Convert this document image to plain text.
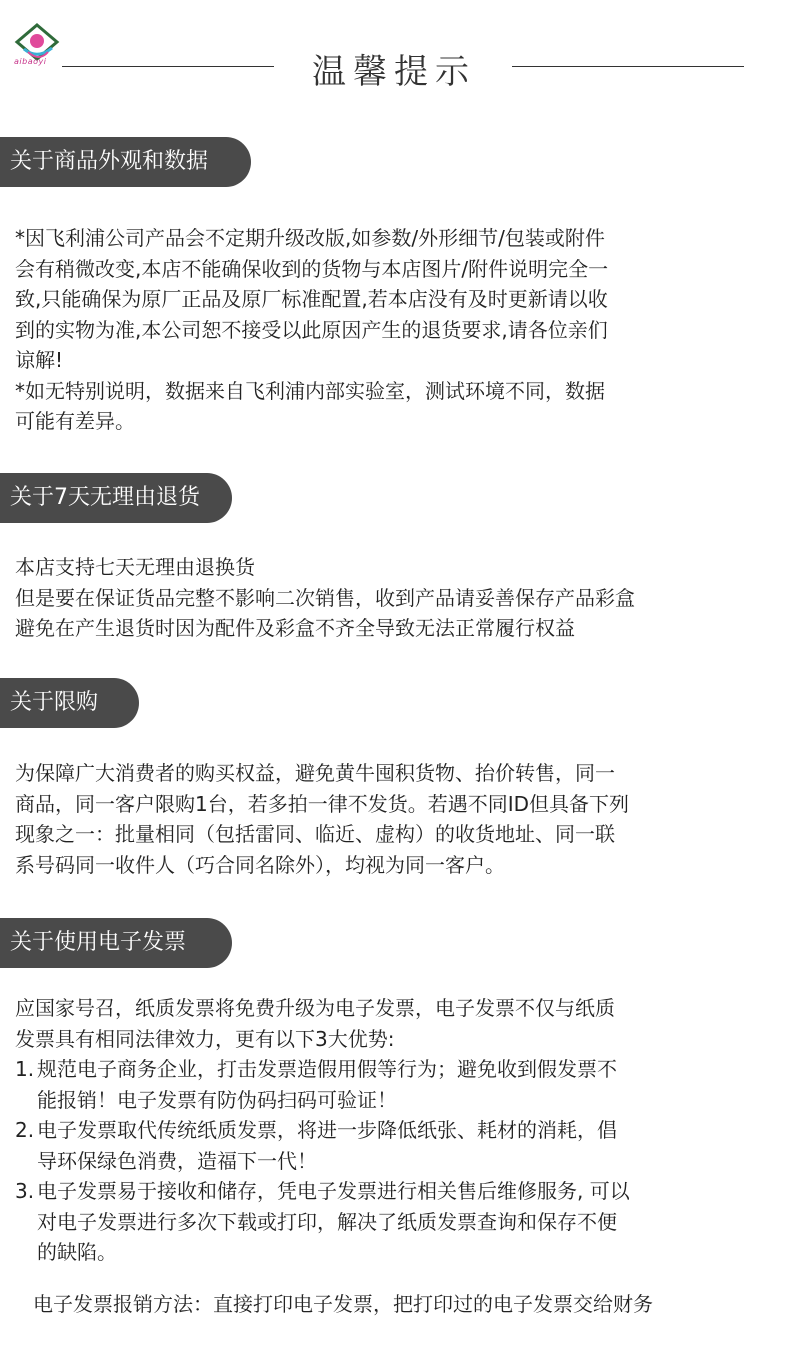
aibaoyi	温馨提示
关于商品外观和数据
*因飞利浦公司产品会不定期升级改版,如参数/外形细节/包装或附件
会有稍微改变,本店不能确保收到的货物与本店图片/附件说明完全一
致,只能确保为原厂正品及原厂标准配置,若本店没有及时更新请以收
到的实物为准,本公司恕不接受以此原因产生的退货要求,请各位亲们
谅解!
*如无特别说明，数据来自飞利浦内部实验室，测试环境不同，数据
可能有差异。
关于7天无理由退货
本店支持七天无理由退换货
但是要在保证货品完整不影响二次销售，收到产品请妥善保存产品彩盒
避免在产生退货时因为配件及彩盒不齐全导致无法正常履行权益
关于限购
为保障广大消费者的购买权益，避免黄牛囤积货物、抬价转售，同一
商品，同一客户限购1台，若多拍一律不发货。若遇不同ID但具备下列
现象之一：批量相同（包括雷同、临近、虚构）的收货地址、同一联
系号码同一收件人（巧合同名除外），均视为同一客户。
关于使用电子发票
应国家号召，纸质发票将免费升级为电子发票，电子发票不仅与纸质
发票具有相同法律效力，更有以下3大优势:
1. 规范电子商务企业，打击发票造假用假等行为；避免收到假发票不
能报销！电子发票有防伪码扫码可验证！
2. 电子发票取代传统纸质发票，将进一步降低纸张、耗材的消耗，倡
导环保绿色消费，造福下一代！
3. 电子发票易于接收和储存，凭电子发票进行相关售后维修服务, 可以
对电子发票进行多次下载或打印，解决了纸质发票查询和保存不便
的缺陷。
电子发票报销方法：直接打印电子发票，把打印过的电子发票交给财务
